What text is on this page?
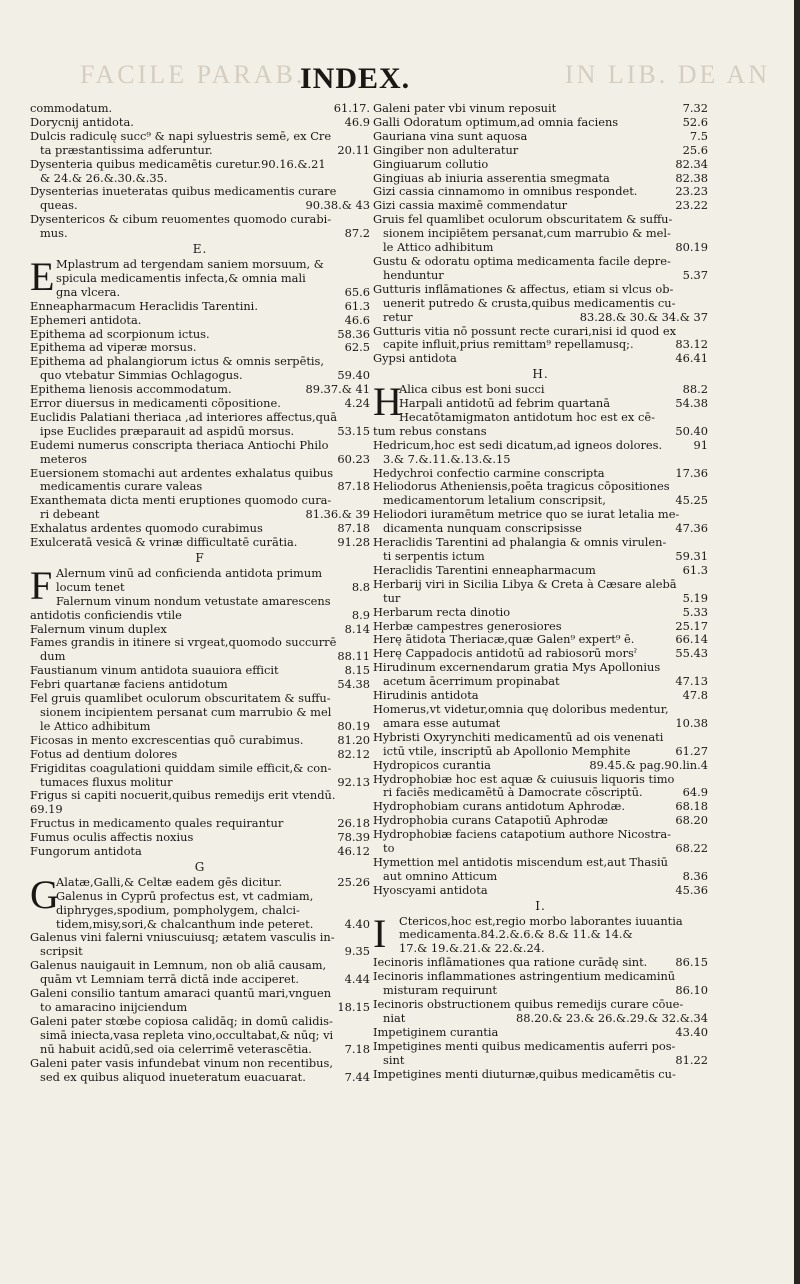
FACILE PARAB.	IN LIB. DE AN
INDEX.
commodatum.	61.17.
Dorycnij antidota.	46.9
Dulcis radiculę succ⁹ & napi syluestris semē, ex Cre
ta præstantissima adferuntur.	20.11
Dysenteria quibus medicamētis curetur.90.16.&.21
& 24.& 26.&.30.&.35.
Dysenterias inueteratas quibus medicamentis curare
queas.	90.38.& 43
Dysentericos & cibum reuomentes quomodo curabi-
mus.	87.2
E.
E Mplastrum ad tergendam saniem morsuum, &
spicula medicamentis infecta,& omnia mali
gna vlcera.	65.6
Enneapharmacum Heraclidis Tarentini.	61.3
Ephemeri antidota.	46.6
Epithema ad scorpionum ictus.	58.36
Epithema ad viperæ morsus.	62.5
Epithema ad phalangiorum ictus & omnis serpētis,
quo vtebatur Simmias Ochlagogus.	59.40
Epithema lienosis accommodatum.	89.37.& 41
Error diuersus in medicamenti cõpositione.	4.24
Euclidis Palatiani theriaca ,ad interiores affectus,quā
ipse Euclides præparauit ad aspidū morsus.	53.15
Eudemi numerus conscripta theriaca Antiochi Philo
meteros	60.23
Euersionem stomachi aut ardentes exhalatus quibus
medicamentis curare valeas	87.18
Exanthemata dicta menti eruptiones quomodo cura-
ri debeant	81.36.& 39
Exhalatus ardentes quomodo curabimus	87.18
Exulceratā vesicā & vrinæ difficultatē curātia.	91.28
F
F Alernum vinū ad conficienda antidota primum
locum tenet	8.8
Falernum vinum nondum vetustate amarescens
antidotis conficiendis vtile	8.9
Falernum vinum duplex	8.14
Fames grandis in itinere si vrgeat,quomodo succurrē
dum	88.11
Faustianum vinum antidota suauiora efficit	8.15
Febri quartanæ faciens antidotum	54.38
Fel gruis quamlibet oculorum obscuritatem & suffu-
sionem incipientem persanat cum marrubio & mel
le Attico adhibitum	80.19
Ficosas in mento excrescentias quō curabimus.	81.20
Fotus ad dentium dolores	82.12
Frigiditas coagulationi quiddam simile efficit,& con-
tumaces fluxus molitur	92.13
Frigus si capiti nocuerit,quibus remedijs erit vtendū.
69.19
Fructus in medicamento quales requirantur	26.18
Fumus oculis affectis noxius	78.39
Fungorum antidota	46.12
G
G
Alatæ,Galli,& Celtæ eadem gēs dicitur.	25.26
Galenus in Cyprū profectus est, vt cadmiam,
diphryges,spodium, pompholygem, chalci-
tidem,misy,sori,& chalcanthum inde peteret.	4.40
Galenus vini falerni vniuscuiusq; ætatem vasculis in-
scripsit	9.35
Galenus nauigauit in Lemnum, non ob aliā causam,
quām vt Lemniam terrā dictā inde acciperet.	4.44
Galeni consilio tantum amaraci quantū mari,vnguen
to amaracino inijciendum	18.15
Galeni pater stœbe copiosa calidāq; in domū calidis-
simā iniecta,vasa repleta vino,occultabat,& nūq; vi
nū habuit acidū,sed oia celerrimē veterascētia.	7.18
Galeni pater vasis infundebat vinum non recentibus,
sed ex quibus aliquod inueteratum euacuarat.	7.44
Galeni pater vbi vinum reposuit	7.32
Galli Odoratum optimum,ad omnia faciens	52.6
Gauriana vina sunt aquosa	7.5
Gingiber non adulteratur	25.6
Gingiuarum collutio	82.34
Gingiuas ab iniuria asserentia smegmata	82.38
Gizi cassia cinnamomo in omnibus respondet.	23.23
Gizi cassia maximē commendatur	23.22
Gruis fel quamlibet oculorum obscuritatem & suffu-
sionem incipiētem persanat,cum marrubio & mel-
le Attico adhibitum	80.19
Gustu & odoratu optima medicamenta facile depre-
henduntur	5.37
Gutturis inflāmationes & affectus, etiam si vlcus ob-
uenerit putredo & crusta,quibus medicamentis cu-
retur	83.28.& 30.& 34.& 37
Gutturis vitia nō possunt recte curari,nisi id quod ex
capite influit,prius remittam⁹ repellamusq;.	83.12
Gypsi antidota	46.41
H.
H
Alica cibus est boni succi	88.2
Harpali antidotū ad febrim quartanā	54.38
Hecatōtamigmaton antidotum hoc est ex cē-
tum rebus constans	50.40
Hedricum,hoc est sedi dicatum,ad igneos dolores.	91
3.& 7.&.11.&.13.&.15
Hedychroi confectio carmine conscripta	17.36
Heliodorus Atheniensis,poēta tragicus cōpositiones
medicamentorum letalium conscripsit,	45.25
Heliodori iuramētum metrice quo se iurat letalia me-
dicamenta nunquam conscripsisse	47.36
Heraclidis Tarentini ad phalangia & omnis virulen-
ti serpentis ictum	59.31
Heraclidis Tarentini enneapharmacum	61.3
Herbarij viri in Sicilia Libya & Creta à Cæsare alebā
tur	5.19
Herbarum recta dinotio	5.33
Herbæ campestres generosiores	25.17
Herę ātidota Theriacæ,quæ Galen⁹ expert⁹ ē.	66.14
Herę Cappadocis antidotū ad rabiosorū morsˀ	55.43
Hirudinum excernendarum gratia Mys Apollonius
acetum ācerrimum propinabat	47.13
Hirudinis antidota	47.8
Homerus,vt videtur,omnia quę doloribus medentur,
amara esse autumat	10.38
Hybristi Oxyrynchiti medicamentū ad ois venenati
ictū vtile, inscriptū ab Apollonio Memphite	61.27
Hydropicos curantia	89.45.& pag.90.lin.4
Hydrophobiæ hoc est aquæ & cuiusuis liquoris timo
ri faciēs medicamētū à Damocrate cōscriptū.	64.9
Hydrophobiam curans antidotum Aphrodæ.	68.18
Hydrophobia curans Catapotiū Aphrodæ	68.20
Hydrophobiæ faciens catapotium authore Nicostra-
to	68.22
Hymettion mel antidotis miscendum est,aut Thasiū
aut omnino Atticum	8.36
Hyoscyami antidota	45.36
I.
I Ctericos,hoc est,regio morbo laborantes iuuantia
medicamenta.84.2.&.6.& 8.& 11.& 14.&
17.& 19.&.21.& 22.&.24.
Iecinoris inflāmationes qua ratione curādę sint.	86.15
Iecinoris inflammationes astringentium medicaminū
misturam requirunt	86.10
Iecinoris obstructionem quibus remedijs curare cōue-
niat	88.20.& 23.& 26.&.29.& 32.&.34
Impetiginem curantia	43.40
Impetigines menti quibus medicamentis auferri pos-
sint	81.22
Impetigines menti diuturnæ,quibus medicamētis cu-
